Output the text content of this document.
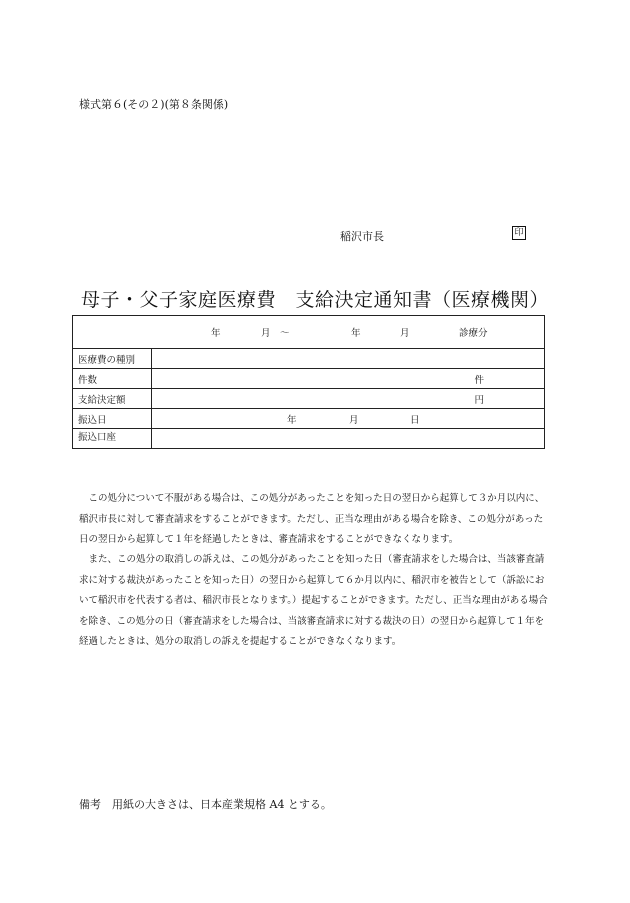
様式第６(その２)(第８条関係)
稲沢市長	印
母子・父子家庭医療費　支給決定通知書（医療機関）
年 月　～ 年 月 診療分	

医療費の種別	
件数	件

支給決定額	円

振込日	年 月 日

振込口座	
この処分について不服がある場合は、この処分があったことを知った日の翌日から起算して３か月以内に、稲沢市長に対して審査請求をすることができます。ただし、正当な理由がある場合を除き、この処分があった日の翌日から起算して１年を経過したときは、審査請求をすることができなくなります。
また、この処分の取消しの訴えは、この処分があったことを知った日（審査請求をした場合は、当該審査請求に対する裁決があったことを知った日）の翌日から起算して６か月以内に、稲沢市を被告として（訴訟において稲沢市を代表する者は、稲沢市長となります。）提起することができます。ただし、正当な理由がある場合を除き、この処分の日（審査請求をした場合は、当該審査請求に対する裁決の日）の翌日から起算して１年を経過したときは、処分の取消しの訴えを提起することができなくなります。
備考　用紙の大きさは、日本産業規格 A4 とする。
